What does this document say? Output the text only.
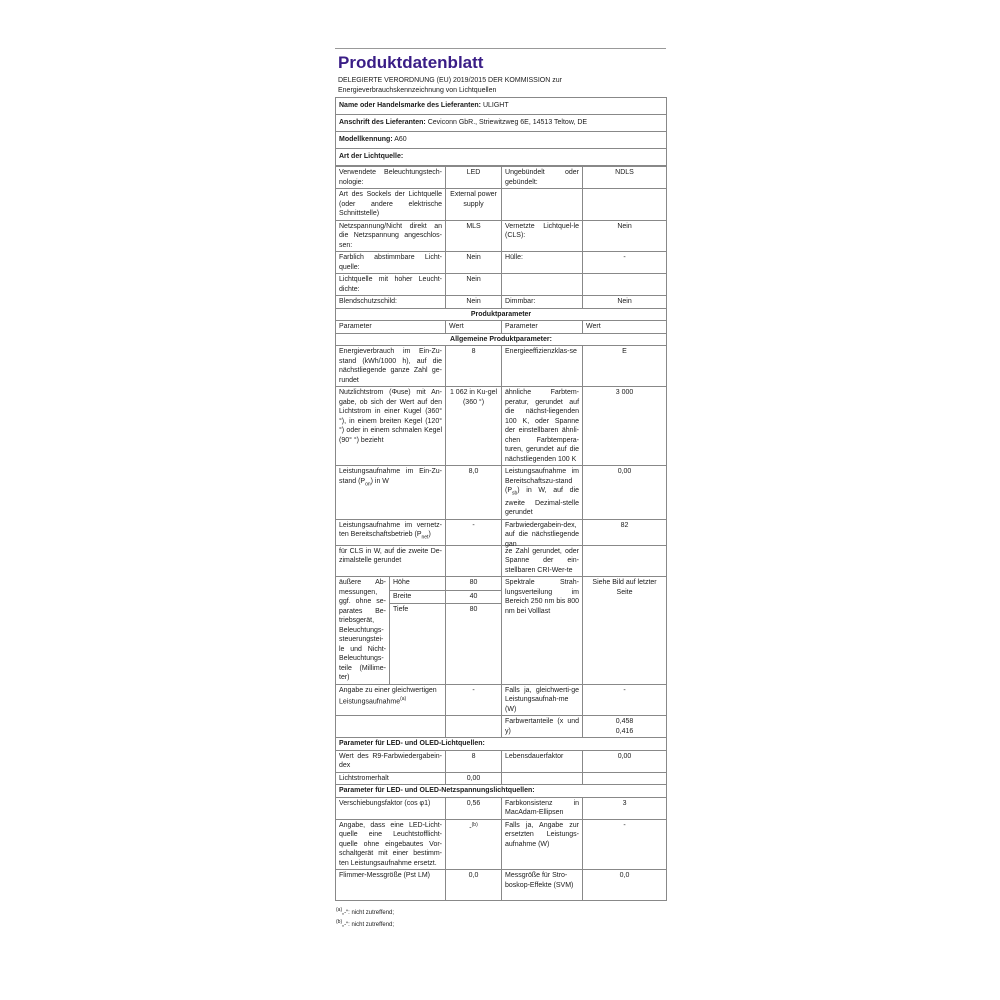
Produktdatenblatt
DELEGIERTE VERORDNUNG (EU) 2019/2015 DER KOMMISSION zur Energieverbrauchskennzeichnung von Lichtquellen
Name oder Handelsmarke des Lieferanten: ULIGHT
Anschrift des Lieferanten: Ceviconn GbR., Striewitzweg 6E, 14513 Teltow, DE
Modellkennung: A60
Art der Lichtquelle:
Verwendete Beleuchtungstech-nologie:		LED	Ungebündelt oder gebündelt:	NDLS
Art des Sockels der Lichtquelle (oder andere elektrische Schnittstelle)		External power supply		
Netzspannung/Nicht direkt an die Netzspannung angeschlos-sen:		MLS	Vernetzte Lichtquel-le (CLS):	Nein
Farblich abstimmbare Licht-quelle:		Nein	Hülle:	-
Lichtquelle mit hoher Leucht-dichte:		Nein		
Blendschutzschild:		Nein	Dimmbar:	Nein
Produktparameter				
Parameter		Wert	Parameter	Wert
Allgemeine Produktparameter:				
Energieverbrauch im Ein-Zu-stand (kWh/1000 h), auf die nächstliegende ganze Zahl ge-rundet		8	Energieeffizienzklas-se	E
Nutzlichtstrom (Φuse) mit An-gabe, ob sich der Wert auf den Lichtstrom in einer Kugel (360° °), in einem breiten Kegel (120° °) oder in einem schmalen Kegel (90° °) bezieht		1 062 in Ku-gel (360 °)	ähnliche Farbtem-peratur, gerundet auf die nächst-liegenden 100 K, oder Spanne der einstellbaren ähnli-chen Farbtempera-turen, gerundet auf die nächstliegenden 100 K	3 000
Leistungsaufnahme im Ein-Zu-stand $(P_{on})$ in W		8,0	Leistungsaufnahme im Bereitschaftszu-stand $(P_{sb})$ in W, auf die zweite Dezimal-stelle gerundet	0,00

Leistungsaufnahme im vernetz-ten Bereitschaftsbetrieb $(P_{net})$		-	Farbwiedergabein-dex, auf die nächstliegende gan	82
für CLS in W, auf die zweite De-zimalstelle gerundet			ze Zahl gerundet, oder Spanne der ein-stellbaren CRI-Wer-te	
äußere Ab-messungen, ggf. ohne se-parates Be-triebsgerät, Beleuchtungs-steuerungstei-le und Nicht-Beleuchtungs-teile (Millime-ter)	Höhe	80	Spektrale Strah-lungsverteilung im Bereich 250 nm bis 800 nm bei Volllast	Siehe Bild auf letzter Seite
	Breite	40		
	Tiefe	80		
Angabe zu einer gleichwertigen Leistungsaufnahme$^{(a)}$		-	Falls ja, gleichwerti-ge Leistungsaufnah-me (W)	-
			Farbwertanteile (x und y)	0,458
0,416

Parameter für LED- und OLED-Lichtquellen:				
Wert des R9-Farbwiedergabein-dex		8	Lebensdauerfaktor	0,00
Lichtstromerhalt		0,00		
Parameter für LED- und OLED-Netzspannungslichtquellen:				
Verschiebungsfaktor (cos φ1)		0,56	Farbkonsistenz in MacAdam-Ellipsen	3
Angabe, dass eine LED-Licht-quelle eine Leuchtstofflicht-quelle ohne eingebautes Vor-schaltgerät mit einer bestimm-ten Leistungsaufnahme ersetzt.		-$^{(b)}$	Falls ja, Angabe zur ersetzten Leistungs-aufnahme (W)	-
Flimmer-Messgröße (Pst LM)		0,0	Messgröße für Stro-boskop-Effekte (SVM)	0,0
$^{(a)}$„-“: nicht zutreffend;
$^{(b)}$„-“: nicht zutreffend;
